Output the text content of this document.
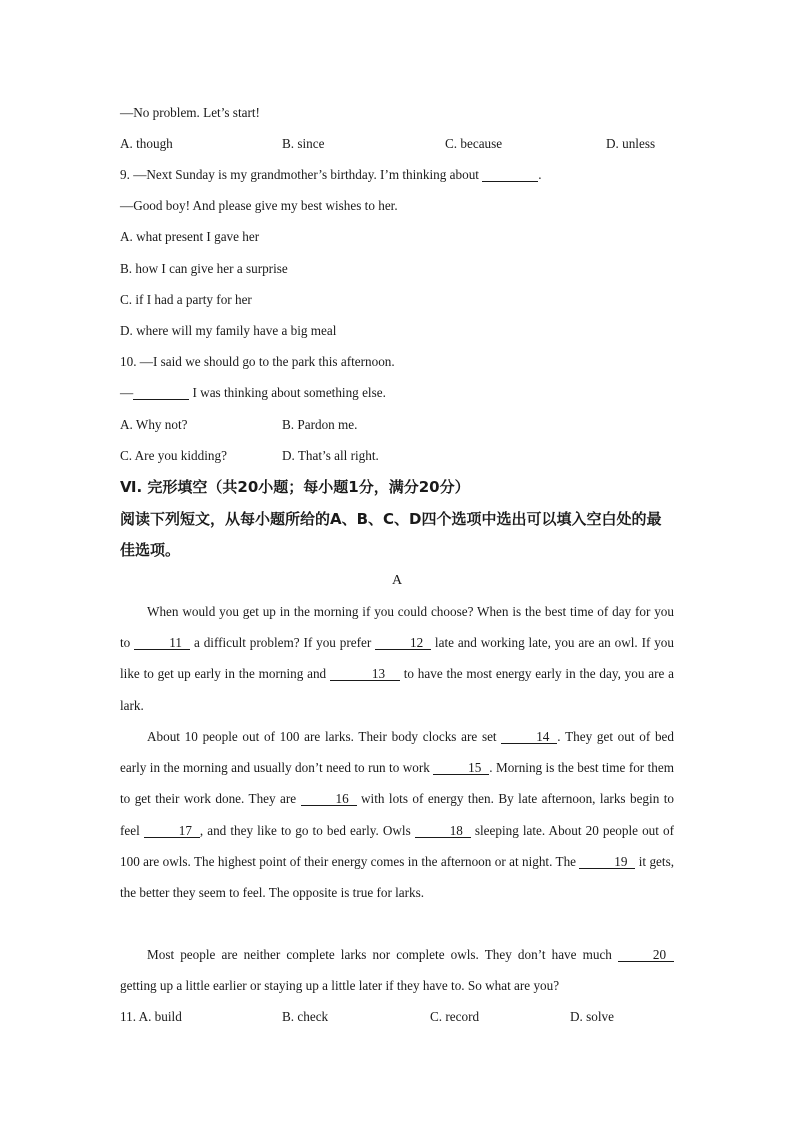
—No problem. Let’s start!
A. though	B. since	C. because	D. unless
9. —Next Sunday is my grandmother’s birthday. I’m thinking about	.
—Good boy! And please give my best wishes to her.
A. what present I gave her
B. how I can give her a surprise
C. if I had a party for her
D. where will my family have a big meal
10. —I said we should go to the park this afternoon.
—	I was thinking about something else.
A. Why not?	B. Pardon me.
C. Are you kidding?	D. That’s all right.
Ⅵ. 完形填空（共20小题；每小题1分，满分20分）
阅读下列短文，从每小题所给的A、B、C、D四个选项中选出可以填入空白处的最佳选项。
A

When would you get up in the morning if you could choose? When is the best time of day for you to	11 a difficult problem? If you prefer	12 late and working late, you are an owl. If you like to get up early in the morning and	13 to have the most energy early in the day, you are a lark.

About 10 people out of 100 are larks. Their body clocks are set	14 . They get out of bed early in the morning and usually don’t need to run to work	15 . Morning is the best time for them to get their work done. They are	16 with lots of energy then. By late afternoon, larks begin to feel	17 , and they like to go to bed early. Owls	18 sleeping late. About 20 people out of 100 are owls. The highest point of their energy comes in the afternoon or at night. The	19 it gets, the better they seem to feel. The opposite is true for larks.

Most people are neither complete larks nor complete owls. They don’t have much	20 getting up a little earlier or staying up a little later if they have to. So what are you?

11. A. build	B. check	C. record	D. solve
